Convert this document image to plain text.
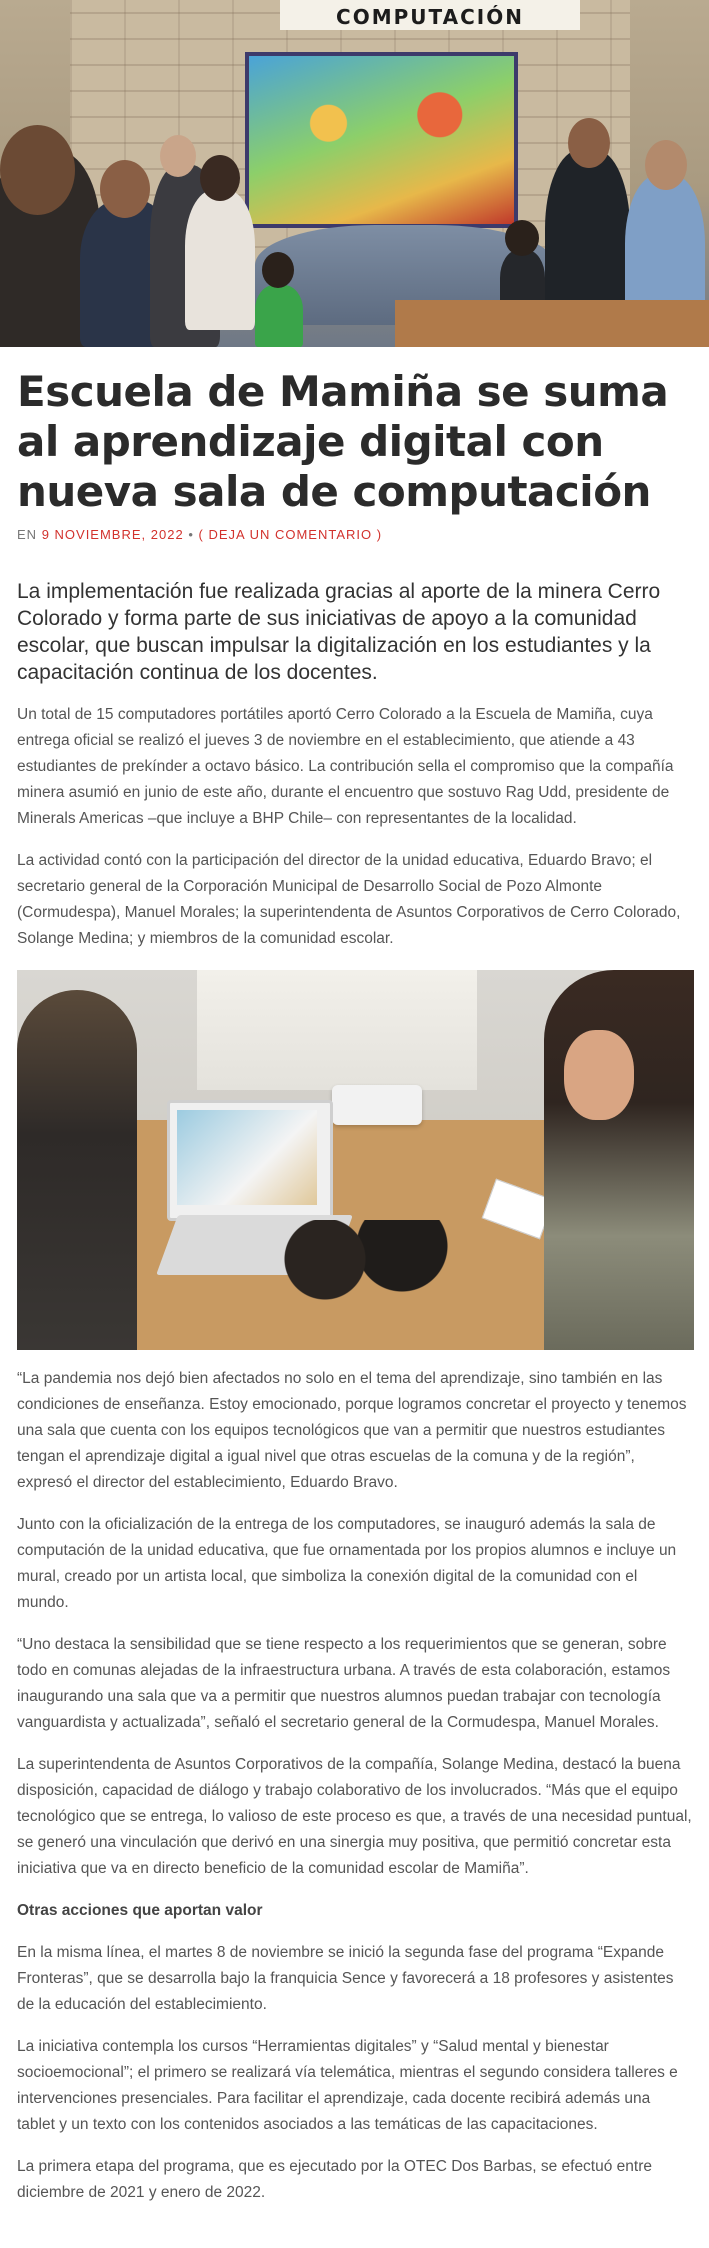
COMPUTACIÓN
Escuela de Mamiña se suma al aprendizaje digital con nueva sala de computación
EN 9 NOVIEMBRE, 2022 • ( DEJA UN COMENTARIO )
La implementación fue realizada gracias al aporte de la minera Cerro Colorado y forma parte de sus iniciativas de apoyo a la comunidad escolar, que buscan impulsar la digitalización en los estudiantes y la capacitación continua de los docentes.

Un total de 15 computadores portátiles aportó Cerro Colorado a la Escuela de Mamiña, cuya entrega oficial se realizó el jueves 3 de noviembre en el establecimiento, que atiende a 43 estudiantes de prekínder a octavo básico. La contribución sella el compromiso que la compañía minera asumió en junio de este año, durante el encuentro que sostuvo Rag Udd, presidente de Minerals Americas –que incluye a BHP Chile– con representantes de la localidad.

La actividad contó con la participación del director de la unidad educativa, Eduardo Bravo; el secretario general de la Corporación Municipal de Desarrollo Social de Pozo Almonte (Cormudespa), Manuel Morales; la superintendenta de Asuntos Corporativos de Cerro Colorado, Solange Medina; y miembros de la comunidad escolar.

“La pandemia nos dejó bien afectados no solo en el tema del aprendizaje, sino también en las condiciones de enseñanza. Estoy emocionado, porque logramos concretar el proyecto y tenemos una sala que cuenta con los equipos tecnológicos que van a permitir que nuestros estudiantes tengan el aprendizaje digital a igual nivel que otras escuelas de la comuna y de la región”, expresó el director del establecimiento, Eduardo Bravo.

Junto con la oficialización de la entrega de los computadores, se inauguró además la sala de computación de la unidad educativa, que fue ornamentada por los propios alumnos e incluye un mural, creado por un artista local, que simboliza la conexión digital de la comunidad con el mundo.

“Uno destaca la sensibilidad que se tiene respecto a los requerimientos que se generan, sobre todo en comunas alejadas de la infraestructura urbana. A través de esta colaboración, estamos inaugurando una sala que va a permitir que nuestros alumnos puedan trabajar con tecnología vanguardista y actualizada”, señaló el secretario general de la Cormudespa, Manuel Morales.

La superintendenta de Asuntos Corporativos de la compañía, Solange Medina, destacó la buena disposición, capacidad de diálogo y trabajo colaborativo de los involucrados. “Más que el equipo tecnológico que se entrega, lo valioso de este proceso es que, a través de una necesidad puntual, se generó una vinculación que derivó en una sinergia muy positiva, que permitió concretar esta iniciativa que va en directo beneficio de la comunidad escolar de Mamiña”.

Otras acciones que aportan valor

En la misma línea, el martes 8 de noviembre se inició la segunda fase del programa “Expande Fronteras”, que se desarrolla bajo la franquicia Sence y favorecerá a 18 profesores y asistentes de la educación del establecimiento.

La iniciativa contempla los cursos “Herramientas digitales” y “Salud mental y bienestar socioemocional”; el primero se realizará vía telemática, mientras el segundo considera talleres e intervenciones presenciales. Para facilitar el aprendizaje, cada docente recibirá además una tablet y un texto con los contenidos asociados a las temáticas de las capacitaciones.

La primera etapa del programa, que es ejecutado por la OTEC Dos Barbas, se efectuó entre diciembre de 2021 y enero de 2022.
